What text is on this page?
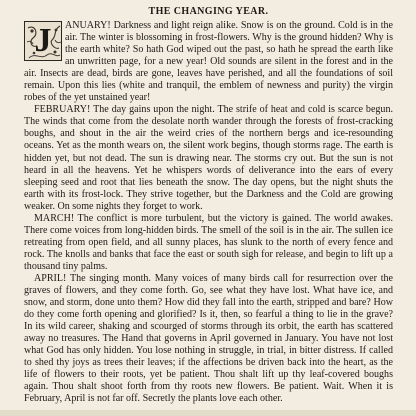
THE CHANGING YEAR.
J	ANUARY! Darkness and light reign alike. Snow is on the ground. Cold is in the air. The winter is blossoming in frost-flowers. Why is the ground hidden? Why is the earth white? So hath God wiped out the past, so hath he spread the earth like an unwritten page, for a new year! Old sounds are silent in the forest and in the air. Insects are dead, birds are gone, leaves have perished, and all the foundations of soil remain. Upon this lies (white and tranquil, the emblem of newness and purity) the virgin robes of the yet unstained year!
FEBRUARY! The day gains upon the night. The strife of heat and cold is scarce begun. The winds that come from the desolate north wander through the forests of frost-cracking boughs, and shout in the air the weird cries of the northern bergs and ice-resounding oceans. Yet as the month wears on, the silent work begins, though storms rage. The earth is hidden yet, but not dead. The sun is drawing near. The storms cry out. But the sun is not heard in all the heavens. Yet he whispers words of deliverance into the ears of every sleeping seed and root that lies beneath the snow. The day opens, but the night shuts the earth with its frost-lock. They strive together, but the Darkness and the Cold are growing weaker. On some nights they forget to work.
MARCH! The conflict is more turbulent, but the victory is gained. The world awakes. There come voices from long-hidden birds. The smell of the soil is in the air. The sullen ice retreating from open field, and all sunny places, has slunk to the north of every fence and rock. The knolls and banks that face the east or south sigh for release, and begin to lift up a thousand tiny palms.
APRIL! The singing month. Many voices of many birds call for resurrection over the graves of flowers, and they come forth. Go, see what they have lost. What have ice, and snow, and storm, done unto them? How did they fall into the earth, stripped and bare? How do they come forth opening and glorified? Is it, then, so fearful a thing to lie in the grave? In its wild career, shaking and scourged of storms through its orbit, the earth has scattered away no treasures. The Hand that governs in April governed in January. You have not lost what God has only hidden. You lose nothing in struggle, in trial, in bitter distress. If called to shed thy joys as trees their leaves; if the affections be driven back into the heart, as the life of flowers to their roots, yet be patient. Thou shalt lift up thy leaf-covered boughs again. Thou shalt shoot forth from thy roots new flowers. Be patient. Wait. When it is February, April is not far off. Secretly the plants love each other.
